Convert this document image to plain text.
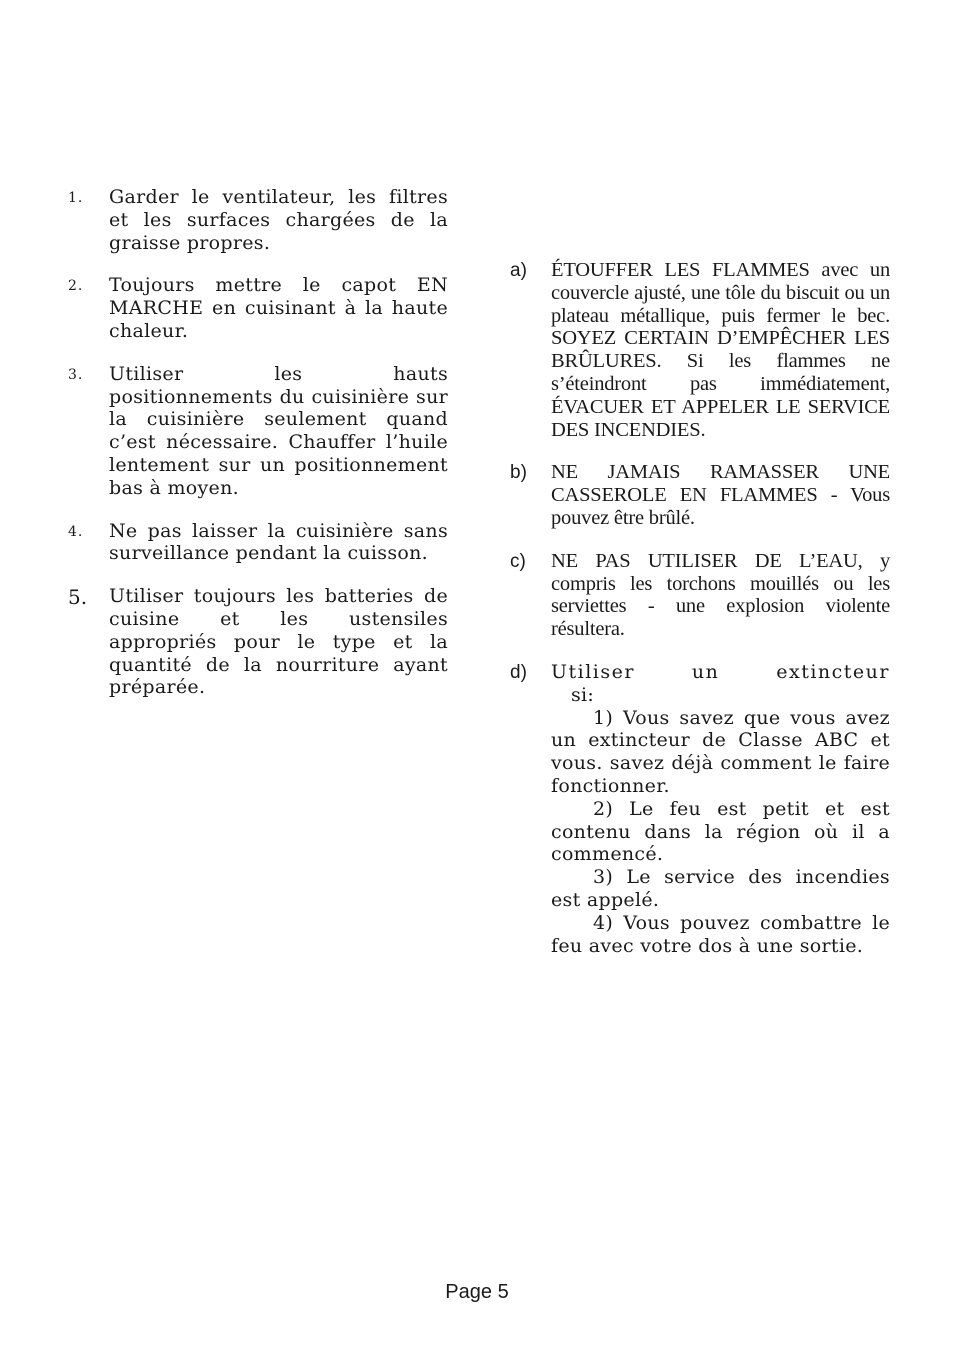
1.	Garder le ventilateur, les filtres et les surfaces chargées de la graisse propres.
2.	Toujours mettre le capot EN MARCHE en cuisinant à la haute chaleur.
3.	Utiliser les hauts positionnements du cuisinière sur la cuisinière seulement quand c’est nécessaire. Chauffer l’huile lentement sur un positionnement bas à moyen.
4.	Ne pas laisser la cuisinière sans surveillance pendant la cuisson.
5.	Utiliser toujours les batteries de cuisine et les ustensiles appropriés pour le type et la quantité de la nourriture ayant préparée.
a)	ÉTOUFFER LES FLAMMES avec un couvercle ajusté, une tôle du biscuit ou un plateau métallique, puis fermer le bec. SOYEZ CERTAIN D’EMPÊCHER LES BRÛLURES. Si les flammes ne s’éteindront pas immédiatement, ÉVACUER ET APPELER LE SERVICE DES INCENDIES.
b)	NE JAMAIS RAMASSER UNE CASSEROLE EN FLAMMES - Vous pouvez être brûlé.
c)	NE PAS UTILISER DE L’EAU, y compris les torchons mouillés ou les serviettes - une explosion violente résultera.
d)	Utiliser un extincteur
si:
1) Vous savez que vous avez un extincteur de Classe ABC et vous. savez déjà comment le faire fonctionner.
2) Le feu est petit et est contenu dans la région où il a commencé.
3) Le service des incendies est appelé.
4) Vous pouvez combattre le feu avec votre dos à une sortie.
Page 5
